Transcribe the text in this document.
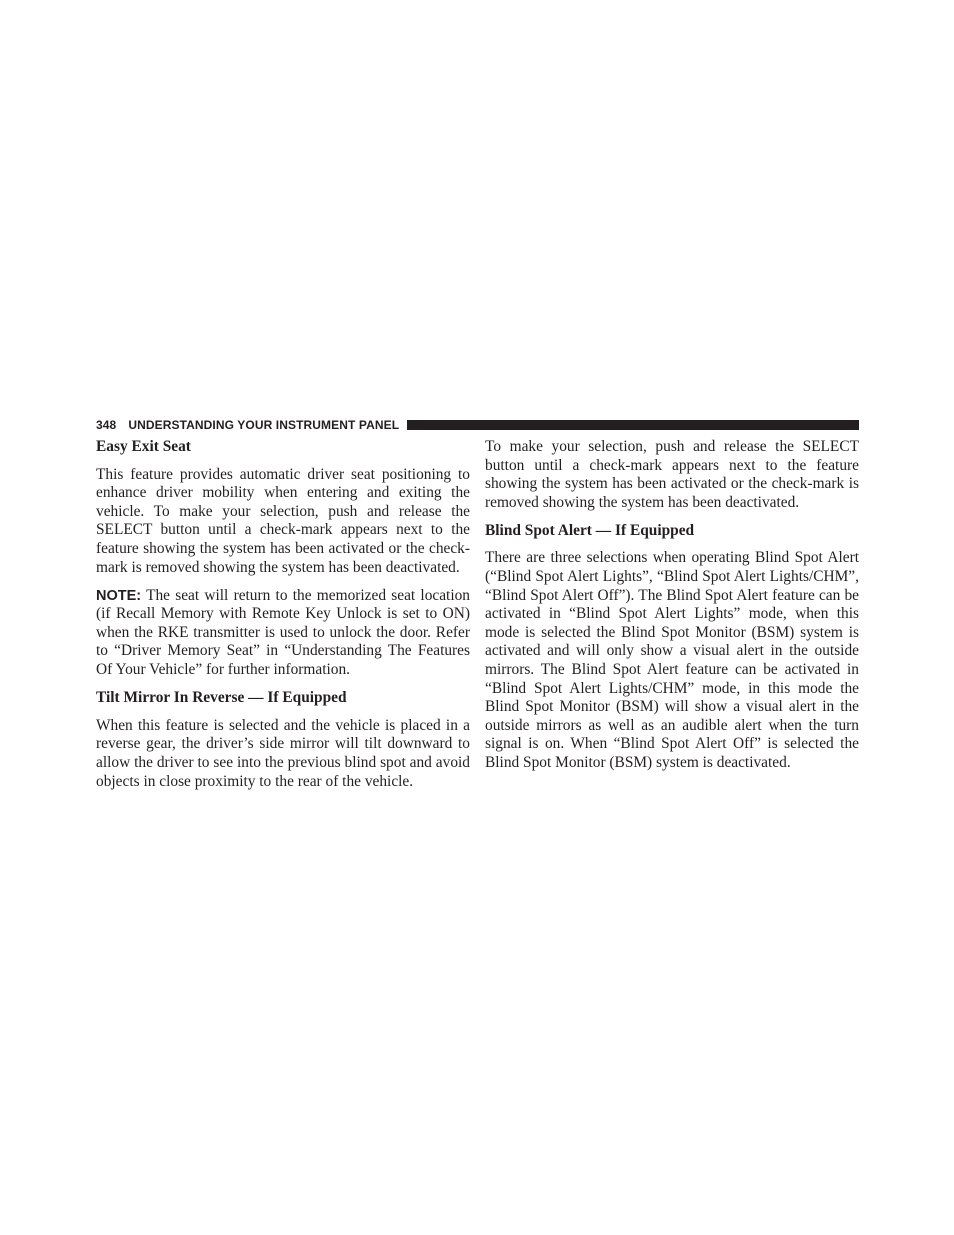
348 UNDERSTANDING YOUR INSTRUMENT PANEL
Easy Exit Seat

This feature provides automatic driver seat positioning to enhance driver mobility when entering and exiting the vehicle. To make your selection, push and release the SELECT button until a check-mark appears next to the feature showing the system has been activated or the check-mark is removed showing the system has been deactivated.

NOTE: The seat will return to the memorized seat location (if Recall Memory with Remote Key Unlock is set to ON) when the RKE transmitter is used to unlock the door. Refer to “Driver Memory Seat” in “Understanding The Features Of Your Vehicle” for further information.

Tilt Mirror In Reverse — If Equipped

When this feature is selected and the vehicle is placed in a reverse gear, the driver’s side mirror will tilt downward to allow the driver to see into the previous blind spot and avoid objects in close proximity to the rear of the vehicle.

To make your selection, push and release the SELECT button until a check-mark appears next to the feature showing the system has been activated or the check-mark is removed showing the system has been deactivated.

Blind Spot Alert — If Equipped

There are three selections when operating Blind Spot Alert (“Blind Spot Alert Lights”, “Blind Spot Alert Lights/CHM”, “Blind Spot Alert Off”). The Blind Spot Alert feature can be activated in “Blind Spot Alert Lights” mode, when this mode is selected the Blind Spot Monitor (BSM) system is activated and will only show a visual alert in the outside mirrors. The Blind Spot Alert feature can be activated in “Blind Spot Alert Lights/CHM” mode, in this mode the Blind Spot Monitor (BSM) will show a visual alert in the outside mirrors as well as an audible alert when the turn signal is on. When “Blind Spot Alert Off” is selected the Blind Spot Monitor (BSM) system is deactivated.
